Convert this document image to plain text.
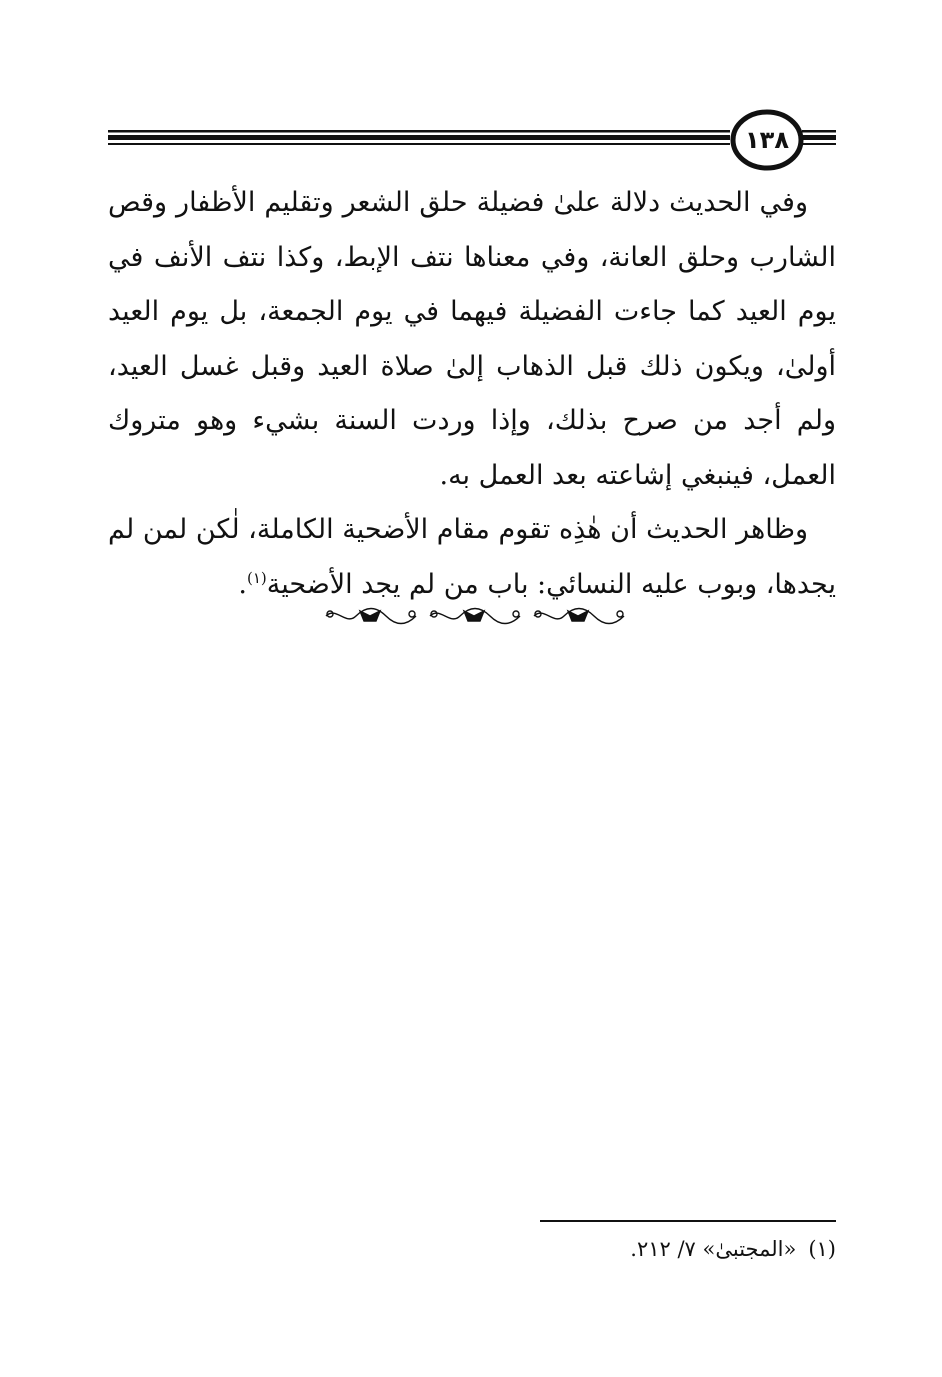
١٣٨

وفي الحديث دلالة علىٰ فضيلة حلق الشعر وتقليم الأظفار وقص الشارب وحلق العانة، وفي معناها نتف الإبط، وكذا نتف الأنف في يوم العيد كما جاءت الفضيلة فيهما في يوم الجمعة، بل يوم العيد أولىٰ، ويكون ذلك قبل الذهاب إلىٰ صلاة العيد وقبل غسل العيد، ولم أجد من صرح بذلك، وإذا وردت السنة بشيء وهو متروك العمل، فينبغي إشاعته بعد العمل به.

وظاهر الحديث أن هٰذِه تقوم مقام الأضحية الكاملة، لٰكن لمن لم يجدها، وبوب عليه النسائي: باب من لم يجد الأضحية$^{(١)}$.

(١)«المجتبىٰ» ٧/ ٢١٢.
